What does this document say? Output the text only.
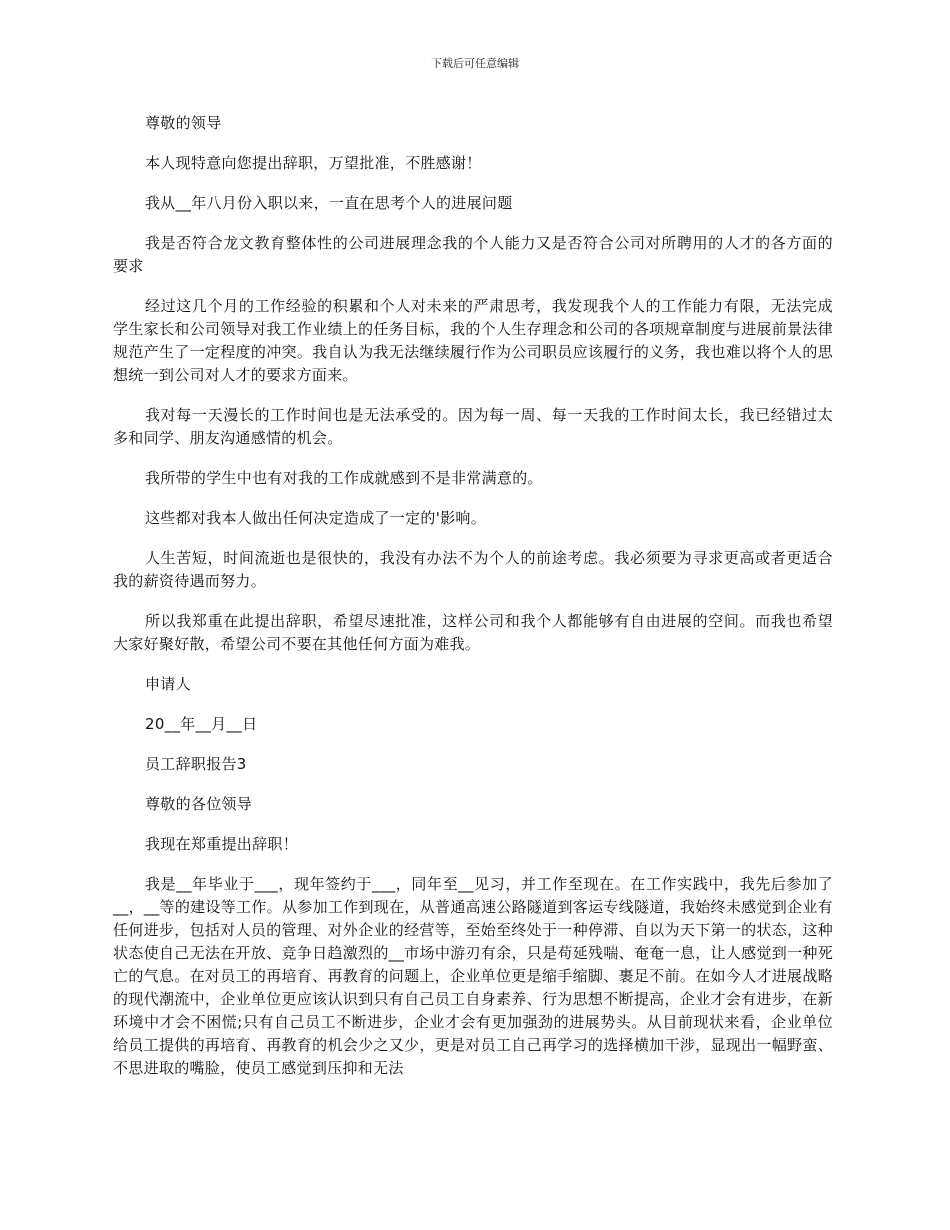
下载后可任意编辑

尊敬的领导

本人现特意向您提出辞职，万望批准，不胜感谢！

我从__年八月份入职以来，一直在思考个人的进展问题

我是否符合龙文教育整体性的公司进展理念我的个人能力又是否符合公司对所聘用的人才的各方面的要求

经过这几个月的工作经验的积累和个人对未来的严肃思考，我发现我个人的工作能力有限，无法完成学生家长和公司领导对我工作业绩上的任务目标，我的个人生存理念和公司的各项规章制度与进展前景法律规范产生了一定程度的冲突。我自认为我无法继续履行作为公司职员应该履行的义务，我也难以将个人的思想统一到公司对人才的要求方面来。

我对每一天漫长的工作时间也是无法承受的。因为每一周、每一天我的工作时间太长，我已经错过太多和同学、朋友沟通感情的机会。

我所带的学生中也有对我的工作成就感到不是非常满意的。

这些都对我本人做出任何决定造成了一定的'影响。

人生苦短，时间流逝也是很快的，我没有办法不为个人的前途考虑。我必须要为寻求更高或者更适合我的薪资待遇而努力。

所以我郑重在此提出辞职，希望尽速批准，这样公司和我个人都能够有自由进展的空间。而我也希望大家好聚好散，希望公司不要在其他任何方面为难我。

申请人

20__年__月__日

员工辞职报告3

尊敬的各位领导

我现在郑重提出辞职！

我是__年毕业于___，现年签约于___，同年至__见习，并工作至现在。在工作实践中，我先后参加了__，__等的建设等工作。从参加工作到现在，从普通高速公路隧道到客运专线隧道，我始终未感觉到企业有任何进步，包括对人员的管理、对外企业的经营等，至始至终处于一种停滞、自以为天下第一的状态，这种状态使自己无法在开放、竞争日趋激烈的__市场中游刃有余，只是苟延残喘、奄奄一息，让人感觉到一种死亡的气息。在对员工的再培育、再教育的问题上，企业单位更是缩手缩脚、裹足不前。在如今人才进展战略的现代潮流中，企业单位更应该认识到只有自己员工自身素养、行为思想不断提高，企业才会有进步，在新环境中才会不困慌;只有自己员工不断进步，企业才会有更加强劲的进展势头。从目前现状来看，企业单位给员工提供的再培育、再教育的机会少之又少，更是对员工自己再学习的选择横加干涉，显现出一幅野蛮、不思进取的嘴脸，使员工感觉到压抑和无法
